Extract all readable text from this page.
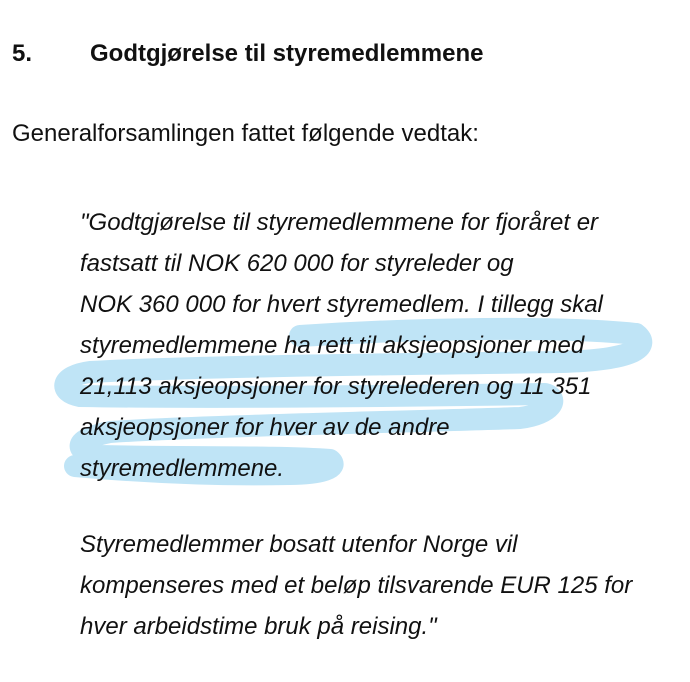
5. Godtgjørelse til styremedlemmene
Generalforsamlingen fattet følgende vedtak:
"Godtgjørelse til styremedlemmene for fjoråret er
fastsatt til NOK 620 000 for styreleder og
NOK 360 000 for hvert styremedlem. I tillegg skal
styremedlemmene ha rett til aksjeopsjoner med
21,113 aksjeopsjoner for styrelederen og 11 351
aksjeopsjoner for hver av de andre
styremedlemmene.
Styremedlemmer bosatt utenfor Norge vil
kompenseres med et beløp tilsvarende EUR 125 for
hver arbeidstime bruk på reising."
